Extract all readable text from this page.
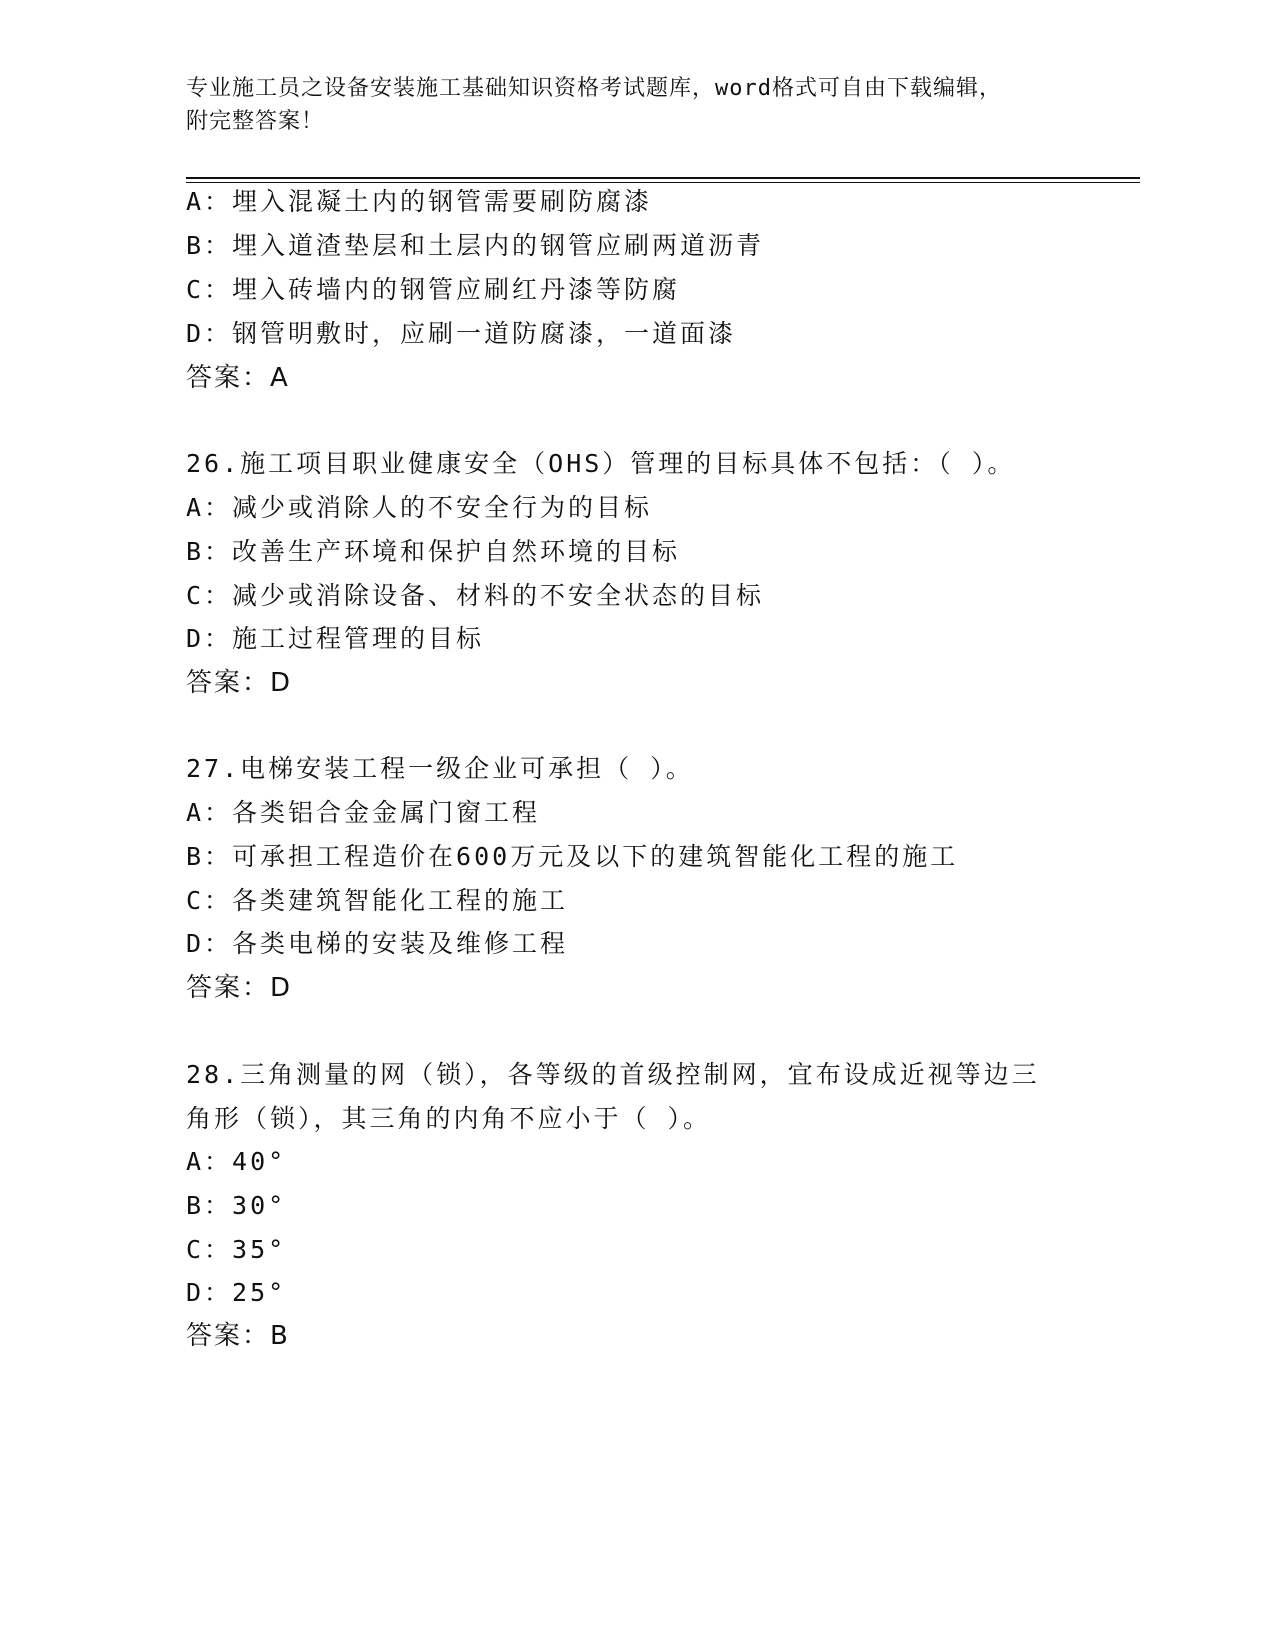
专业施工员之设备安装施工基础知识资格考试题库，word格式可自由下载编辑，
附完整答案！
A：埋入混凝土内的钢管需要刷防腐漆
B：埋入道渣垫层和土层内的钢管应刷两道沥青
C：埋入砖墙内的钢管应刷红丹漆等防腐
D：钢管明敷时，应刷一道防腐漆，一道面漆
答案：A
26.施工项目职业健康安全（OHS）管理的目标具体不包括：（ ）。
A：减少或消除人的不安全行为的目标
B：改善生产环境和保护自然环境的目标
C：减少或消除设备、材料的不安全状态的目标
D：施工过程管理的目标
答案：D
27.电梯安装工程一级企业可承担（ ）。
A：各类铝合金金属门窗工程
B：可承担工程造价在600万元及以下的建筑智能化工程的施工
C：各类建筑智能化工程的施工
D：各类电梯的安装及维修工程
答案：D
28.三角测量的网（锁），各等级的首级控制网，宜布设成近视等边三
角形（锁），其三角的内角不应小于（ ）。
A：40°
B：30°
C：35°
D：25°
答案：B
